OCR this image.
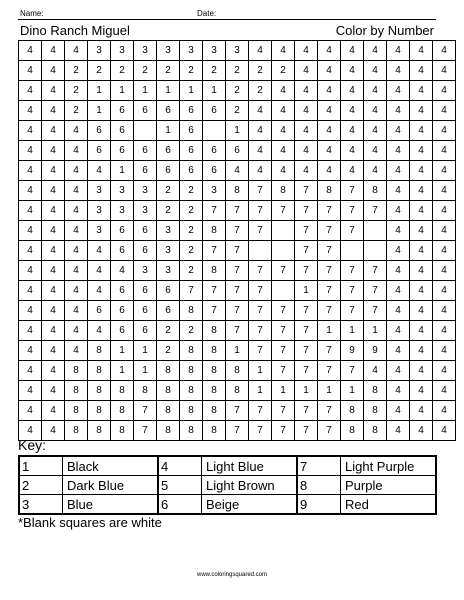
Name:	Date:
Dino Ranch Miguel	Color by Number
4	4	4	3	3	3	3	3	3	3	4	4	4	4	4	4	4	4	4
4	4	2	2	2	2	2	2	2	2	2	2	4	4	4	4	4	4	4
4	4	2	1	1	1	1	1	1	2	2	4	4	4	4	4	4	4	4
4	4	2	1	6	6	6	6	6	2	4	4	4	4	4	4	4	4	4
4	4	4	6	6		1	6		1	4	4	4	4	4	4	4	4	4
4	4	4	6	6	6	6	6	6	6	4	4	4	4	4	4	4	4	4
4	4	4	4	1	6	6	6	6	4	4	4	4	4	4	4	4	4	4
4	4	4	3	3	3	2	2	3	8	7	8	7	8	7	8	4	4	4
4	4	4	3	3	3	2	2	7	7	7	7	7	7	7	7	4	4	4
4	4	4	3	6	6	3	2	8	7	7		7	7	7		4	4	4
4	4	4	4	6	6	3	2	7	7			7	7			4	4	4
4	4	4	4	4	3	3	2	8	7	7	7	7	7	7	7	4	4	4
4	4	4	4	6	6	6	7	7	7	7		1	7	7	7	4	4	4
4	4	4	6	6	6	6	8	7	7	7	7	7	7	7	7	4	4	4
4	4	4	4	6	6	2	2	8	7	7	7	7	1	1	1	4	4	4
4	4	4	8	1	1	2	8	8	1	7	7	7	7	9	9	4	4	4
4	4	8	8	1	1	8	8	8	8	1	7	7	7	7	4	4	4	4
4	4	8	8	8	8	8	8	8	8	1	1	1	1	1	8	4	4	4
4	4	8	8	8	7	8	8	8	7	7	7	7	7	8	8	4	4	4
4	4	8	8	8	7	8	8	8	7	7	7	7	7	8	8	4	4	4
Key:
1	Black	4	Light Blue	7	Light Purple
2	Dark Blue	5	Light Brown	8	Purple
3	Blue	6	Beige	9	Red
*Blank squares are white
www.coloringsquared.com
